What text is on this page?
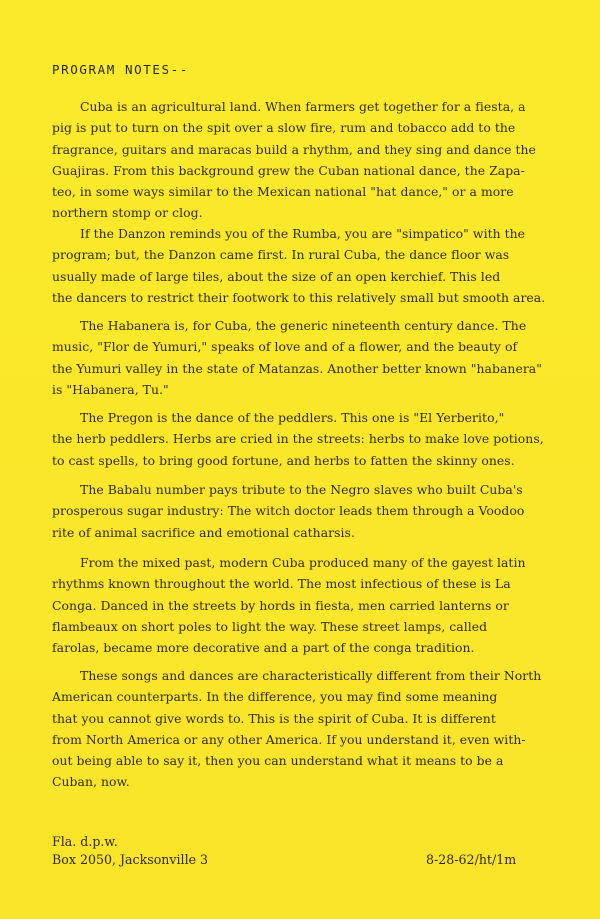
PROGRAM NOTES--
Cuba is an agricultural land. When farmers get together for a fiesta, a
pig is put to turn on the spit over a slow fire, rum and tobacco add to the
fragrance, guitars and maracas build a rhythm, and they sing and dance the
Guajiras. From this background grew the Cuban national dance, the Zapa-
teo, in some ways similar to the Mexican national "hat dance," or a more
northern stomp or clog.
If the Danzon reminds you of the Rumba, you are "simpatico" with the
program; but, the Danzon came first. In rural Cuba, the dance floor was
usually made of large tiles, about the size of an open kerchief. This led
the dancers to restrict their footwork to this relatively small but smooth area.
The Habanera is, for Cuba, the generic nineteenth century dance. The
music, "Flor de Yumuri," speaks of love and of a flower, and the beauty of
the Yumuri valley in the state of Matanzas. Another better known "habanera"
is "Habanera, Tu."
The Pregon is the dance of the peddlers. This one is "El Yerberito,"
the herb peddlers. Herbs are cried in the streets: herbs to make love potions,
to cast spells, to bring good fortune, and herbs to fatten the skinny ones.
The Babalu number pays tribute to the Negro slaves who built Cuba's
prosperous sugar industry: The witch doctor leads them through a Voodoo
rite of animal sacrifice and emotional catharsis.
From the mixed past, modern Cuba produced many of the gayest latin
rhythms known throughout the world. The most infectious of these is La
Conga. Danced in the streets by hords in fiesta, men carried lanterns or
flambeaux on short poles to light the way. These street lamps, called
farolas, became more decorative and a part of the conga tradition.
These songs and dances are characteristically different from their North
American counterparts. In the difference, you may find some meaning
that you cannot give words to. This is the spirit of Cuba. It is different
from North America or any other America. If you understand it, even with-
out being able to say it, then you can understand what it means to be a
Cuban, now.
Fla. d.p.w.
Box 2050, Jacksonville 3	8-28-62/ht/1m
